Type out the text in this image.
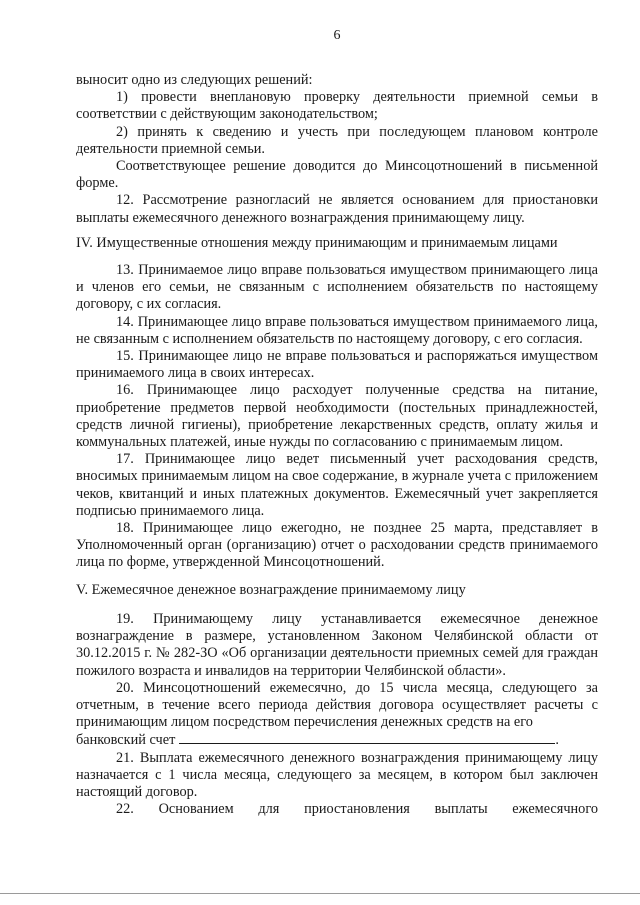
6

выносит одно из следующих решений:

1) провести внеплановую проверку деятельности приемной семьи в соответствии с действующим законодательством;

2) принять к сведению и учесть при последующем плановом контроле деятельности приемной семьи.

Соответствующее решение доводится до Минсоцотношений в письменной форме.

12. Рассмотрение разногласий не является основанием для приостановки выплаты ежемесячного денежного вознаграждения принимающему лицу.

IV. Имущественные отношения между принимающим и принимаемым лицами

13. Принимаемое лицо вправе пользоваться имуществом принимающего лица и членов его семьи, не связанным с исполнением обязательств по настоящему договору, с их согласия.

14. Принимающее лицо вправе пользоваться имуществом принимаемого лица, не связанным с исполнением обязательств по настоящему договору, с его согласия.

15. Принимающее лицо не вправе пользоваться и распоряжаться имуществом принимаемого лица в своих интересах.

16. Принимающее лицо расходует полученные средства на питание, приобретение предметов первой необходимости (постельных принадлежностей, средств личной гигиены), приобретение лекарственных средств, оплату жилья и коммунальных платежей, иные нужды по согласованию с принимаемым лицом.

17. Принимающее лицо ведет письменный учет расходования средств, вносимых принимаемым лицом на свое содержание, в журнале учета с приложением чеков, квитанций и иных платежных документов. Ежемесячный учет закрепляется подписью принимаемого лица.

18. Принимающее лицо ежегодно, не позднее 25 марта, представляет в Уполномоченный орган (организацию) отчет о расходовании средств принимаемого лица по форме, утвержденной Минсоцотношений.

V. Ежемесячное денежное вознаграждение принимаемому лицу

19. Принимающему лицу устанавливается ежемесячное денежное вознаграждение в размере, установленном Законом Челябинской области от 30.12.2015 г. № 282-ЗО «Об организации деятельности приемных семей для граждан пожилого возраста и инвалидов на территории Челябинской области».

20. Минсоцотношений ежемесячно, до 15 числа месяца, следующего за отчетным, в течение всего периода действия договора осуществляет расчеты с принимающим лицом посредством перечисления денежных средств на его

банковский счет	.

21. Выплата ежемесячного денежного вознаграждения принимающему лицу назначается с 1 числа месяца, следующего за месяцем, в котором был заключен настоящий договор.

22. Основанием для приостановления выплаты ежемесячного
